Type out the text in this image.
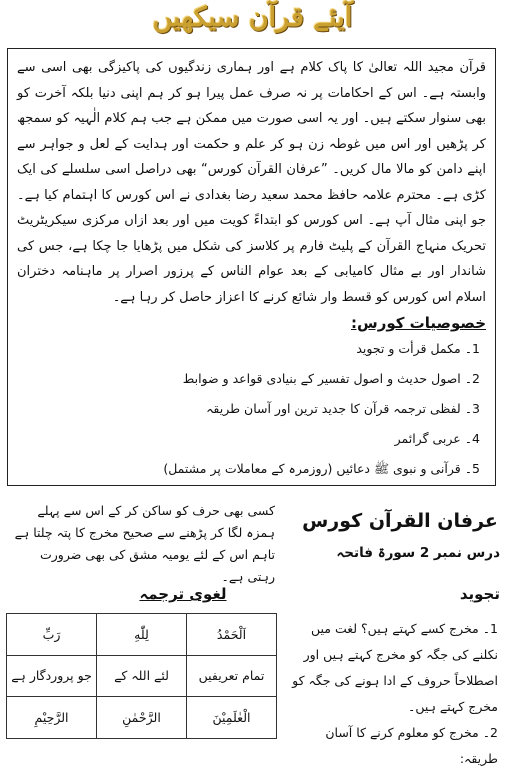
آیئے قرآن سیکھیں

قرآن مجید اللہ تعالیٰ کا پاک کلام ہے اور ہماری زندگیوں کی پاکیزگی بھی اسی سے وابستہ ہے۔ اس کے احکامات پر نہ صرف عمل پیرا ہو کر ہم اپنی دنیا بلکہ آخرت کو بھی سنوار سکتے ہیں۔ اور یہ اسی صورت میں ممکن ہے جب ہم کلام الٰہیہ کو سمجھ کر پڑھیں اور اس میں غوطہ زن ہو کر علم و حکمت اور ہدایت کے لعل و جواہر سے اپنے دامن کو مالا مال کریں۔ ”عرفان القرآن کورس“ بھی دراصل اسی سلسلے کی ایک کڑی ہے۔ محترم علامہ حافظ محمد سعید رضا بغدادی نے اس کورس کا اہتمام کیا ہے۔ جو اپنی مثال آپ ہے۔ اس کورس کو ابتداءً کویت میں اور بعد ازاں مرکزی سیکریٹریٹ تحریک منہاج القرآن کے پلیٹ فارم پر کلاسز کی شکل میں پڑھایا جا چکا ہے، جس کی شاندار اور بے مثال کامیابی کے بعد عوام الناس کے پرزور اصرار پر ماہنامہ دختران اسلام اس کورس کو قسط وار شائع کرنے کا اعزاز حاصل کر رہا ہے۔

خصوصیات کورس:
1۔ مکمل قرأت و تجوید
2۔ اصول حدیث و اصول تفسیر کے بنیادی قواعد و ضوابط
3۔ لفظی ترجمہ قرآن کا جدید ترین اور آسان طریقہ
4۔ عربی گرائمر
5۔ قرآنی و نبوی ﷺ دعائیں (روزمرہ کے معاملات پر مشتمل)
کسی بھی حرف کو ساکن کر کے اس سے پہلے ہمزہ لگا کر پڑھنے سے صحیح مخرج کا پتہ چلتا ہے تاہم اس کے لئے یومیہ مشق کی بھی ضرورت رہتی ہے۔
لغوی ترجمہ
اَلْحَمْدُ	لِلّٰهِ	رَبِّ
تمام تعریفیں	لئے اللہ کے	جو پروردگار ہے
الْعٰلَمِيْنَ	الرَّحْمٰنِ	الرَّحِيْمِ
عرفان القرآن کورس
درس نمبر 2 سورۃ فاتحہ
تجوید

1۔ مخرج کسے کہتے ہیں؟ لغت میں نکلنے کی جگہ کو مخرج کہتے ہیں اور اصطلاحاً حروف کے ادا ہونے کی جگہ کو مخرج کہتے ہیں۔

2۔ مخرج کو معلوم کرنے کا آسان طریقہ:
